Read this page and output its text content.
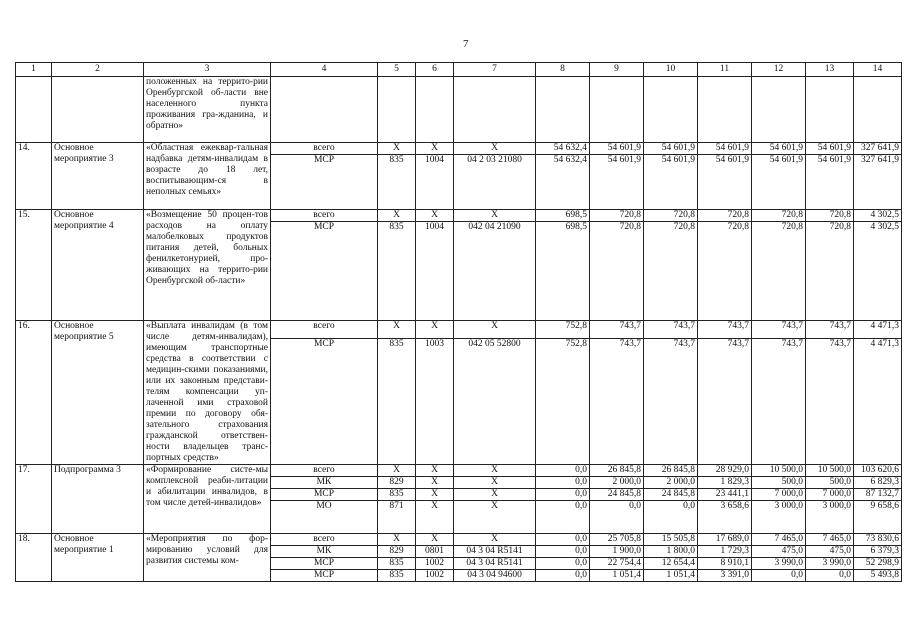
7
1	2	3	4	5	6	7	8	9	10	11	12	13	14
		положенных на террито-рии Оренбургской об-ласти вне населенного пункта проживания гра-жданина, и обратно»											
14.	Основное мероприятие 3	«Областная ежеквар-тальная надбавка детям-инвалидам в возрасте до 18 лет, воспитывающим-ся в неполных семьях»	всего	X	X	X	54 632,4	54 601,9	54 601,9	54 601,9	54 601,9	54 601,9	327 641,9
			МСР	835	1004	04 2 03 21080	54 632,4	54 601,9	54 601,9	54 601,9	54 601,9	54 601,9	327 641,9
15.	Основное мероприятие 4	«Возмещение 50 процен-тов расходов на оплату малобелковых продуктов питания детей, больных фенилкетонурией, про-живающих на террито-рии Оренбургской об-ласти»	всего	X	X	X	698,5	720,8	720,8	720,8	720,8	720,8	4 302,5
			МСР	835	1004	042 04 21090	698,5	720,8	720,8	720,8	720,8	720,8	4 302,5
16.	Основное мероприятие 5	«Выплата инвалидам (в том числе детям-инвалидам), имеющим транспортные средства в соответствии с медицин-скими показаниями, или их законным представи-телям компенсации уп-лаченной ими страховой премии по договору обя-зательного страхования гражданской ответствен-ности владельцев транс-портных средств»	всего	X	X	X	752,8	743,7	743,7	743,7	743,7	743,7	4 471,3
			МСР	835	1003	042 05 52800	752,8	743,7	743,7	743,7	743,7	743,7	4 471,3
17.	Подпрограмма 3	«Формирование систе-мы комплексной реаби-литации и абилитации инвалидов, в том числе детей-инвалидов»	всего	X	X	X	0,0	26 845,8	26 845,8	28 929,0	10 500,0	10 500,0	103 620,6
			МК	829	X	X	0,0	2 000,0	2 000,0	1 829,3	500,0	500,0	6 829,3
			МСР	835	X	X	0,0	24 845,8	24 845,8	23 441,1	7 000,0	7 000,0	87 132,7
			МО	871	X	X	0,0	0,0	0,0	3 658,6	3 000,0	3 000,0	9 658,6
18.	Основное мероприятие 1	«Мероприятия по фор-мированию условий для развития системы ком-	всего	X	X	X	0,0	25 705,8	15 505,8	17 689,0	7 465,0	7 465,0	73 830,6
			МК	829	0801	04 3 04 R5141	0,0	1 900,0	1 800,0	1 729,3	475,0	475,0	6 379,3
			МСР	835	1002	04 3 04 R5141	0,0	22 754,4	12 654,4	8 910,1	3 990,0	3 990,0	52 298,9
			МСР	835	1002	04 3 04 94600	0,0	1 051,4	1 051,4	3 391,0	0,0	0,0	5 493,8
